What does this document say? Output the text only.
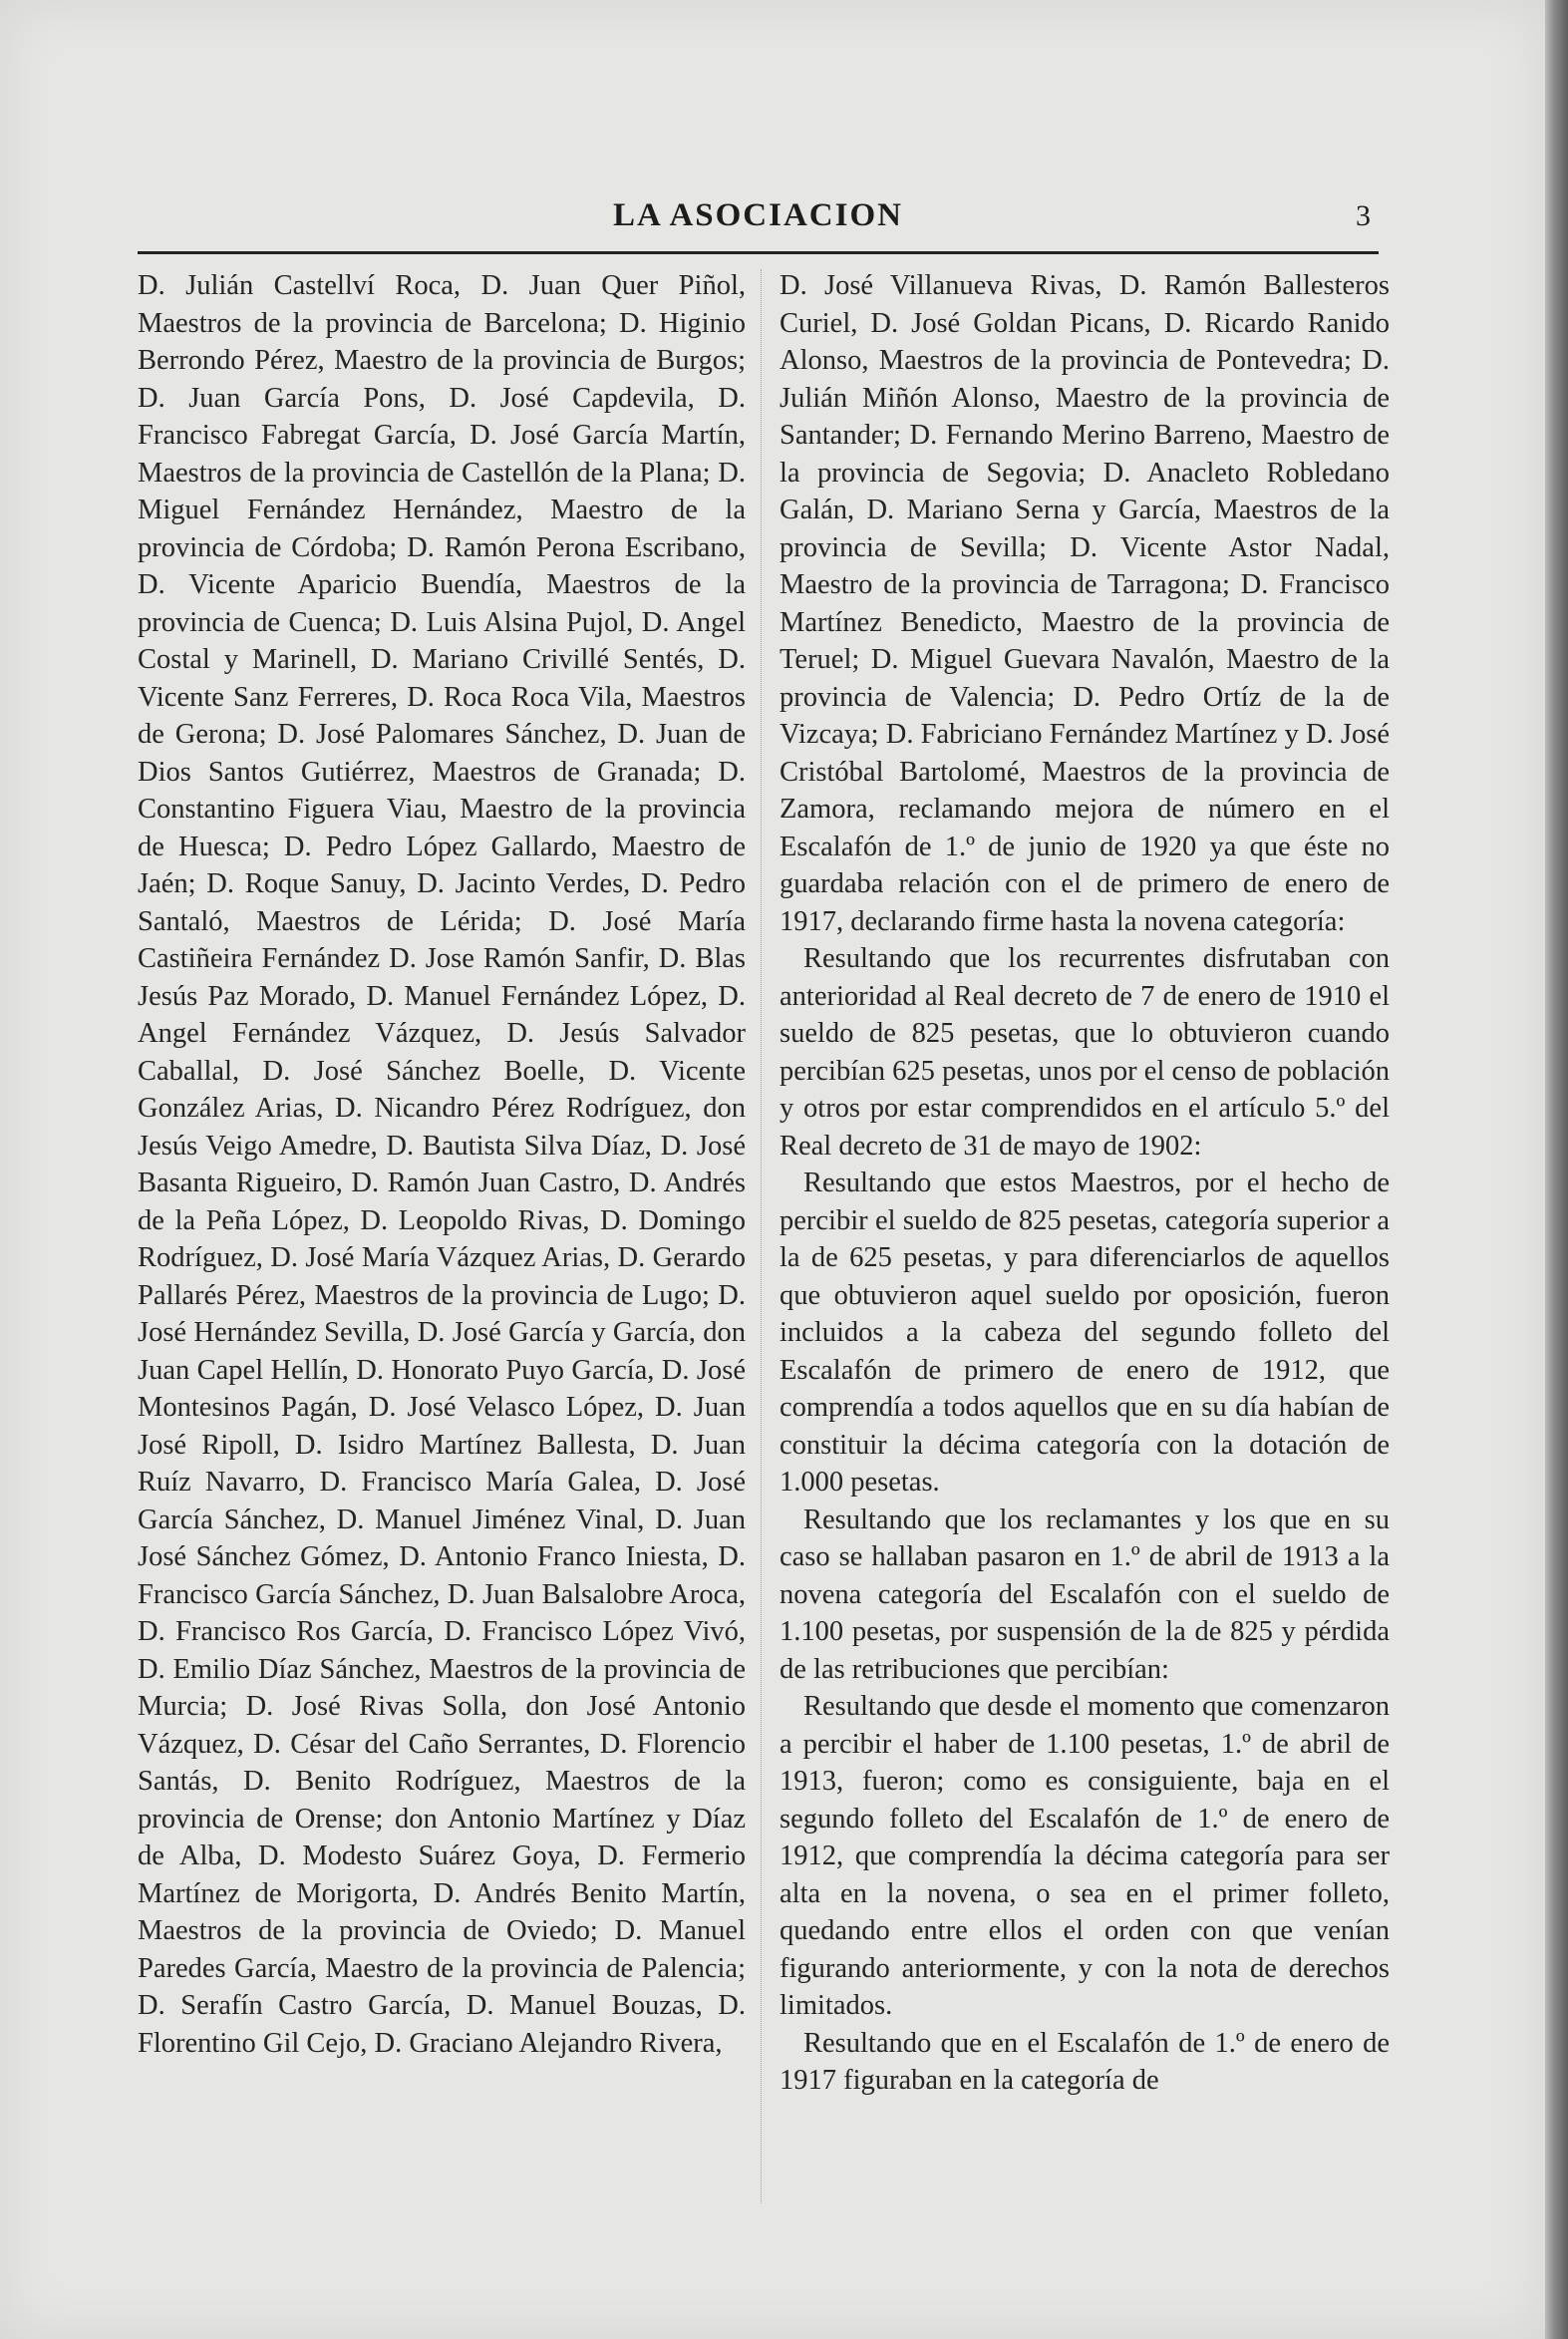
LA ASOCIACION	3

D. Julián Castellví Roca, D. Juan Quer Piñol, Maestros de la provincia de Barcelona; D. Higinio Berrondo Pérez, Maestro de la provincia de Burgos; D. Juan García Pons, D. José Capdevila, D. Francisco Fabregat García, D. José García Martín, Maestros de la provincia de Castellón de la Plana; D. Miguel Fernández Hernández, Maestro de la provincia de Córdoba; D. Ramón Perona Escribano, D. Vicente Aparicio Buendía, Maestros de la provincia de Cuenca; D. Luis Alsina Pujol, D. Angel Costal y Marinell, D. Mariano Crivillé Sentés, D. Vicente Sanz Ferreres, D. Roca Roca Vila, Maestros de Gerona; D. José Palomares Sánchez, D. Juan de Dios Santos Gutiérrez, Maestros de Granada; D. Constantino Figuera Viau, Maestro de la provincia de Huesca; D. Pedro López Gallardo, Maestro de Jaén; D. Roque Sanuy, D. Jacinto Verdes, D. Pedro Santaló, Maestros de Lérida; D. José María Castiñeira Fernández D. Jose Ramón Sanfir, D. Blas Jesús Paz Morado, D. Manuel Fernández López, D. Angel Fernández Vázquez, D. Jesús Salvador Caballal, D. José Sánchez Boelle, D. Vicente González Arias, D. Nicandro Pérez Rodríguez, don Jesús Veigo Amedre, D. Bautista Silva Díaz, D. José Basanta Rigueiro, D. Ramón Juan Castro, D. Andrés de la Peña López, D. Leopoldo Rivas, D. Domingo Rodríguez, D. José María Vázquez Arias, D. Gerardo Pallarés Pérez, Maestros de la provincia de Lugo; D. José Hernández Sevilla, D. José García y García, don Juan Capel Hellín, D. Honorato Puyo García, D. José Montesinos Pagán, D. José Velasco López, D. Juan José Ripoll, D. Isidro Martínez Ballesta, D. Juan Ruíz Navarro, D. Francisco María Galea, D. José García Sánchez, D. Manuel Jiménez Vinal, D. Juan José Sánchez Gómez, D. Antonio Franco Iniesta, D. Francisco García Sánchez, D. Juan Balsalobre Aroca, D. Francisco Ros García, D. Francisco López Vivó, D. Emilio Díaz Sánchez, Maestros de la provincia de Murcia; D. José Rivas Solla, don José Antonio Vázquez, D. César del Caño Serrantes, D. Florencio Santás, D. Benito Rodríguez, Maestros de la provincia de Orense; don Antonio Martínez y Díaz de Alba, D. Modesto Suárez Goya, D. Fermerio Martínez de Morigorta, D. Andrés Benito Martín, Maestros de la provincia de Oviedo; D. Manuel Paredes García, Maestro de la provincia de Palencia; D. Serafín Castro García, D. Manuel Bouzas, D. Florentino Gil Cejo, D. Graciano Alejandro Rivera,

D. José Villanueva Rivas, D. Ramón Ballesteros Curiel, D. José Goldan Picans, D. Ricardo Ranido Alonso, Maestros de la provincia de Pontevedra; D. Julián Miñón Alonso, Maestro de la provincia de Santander; D. Fernando Merino Barreno, Maestro de la provincia de Segovia; D. Anacleto Robledano Galán, D. Mariano Serna y García, Maestros de la provincia de Sevilla; D. Vicente Astor Nadal, Maestro de la provincia de Tarragona; D. Francisco Martínez Benedicto, Maestro de la provincia de Teruel; D. Miguel Guevara Navalón, Maestro de la provincia de Valencia; D. Pedro Ortíz de la de Vizcaya; D. Fabriciano Fernández Martínez y D. José Cristóbal Bartolomé, Maestros de la provincia de Zamora, reclamando mejora de número en el Escalafón de 1.º de junio de 1920 ya que éste no guardaba relación con el de primero de enero de 1917, declarando firme hasta la novena categoría:

Resultando que los recurrentes disfrutaban con anterioridad al Real decreto de 7 de enero de 1910 el sueldo de 825 pesetas, que lo obtuvieron cuando percibían 625 pesetas, unos por el censo de población y otros por estar comprendidos en el artículo 5.º del Real decreto de 31 de mayo de 1902:

Resultando que estos Maestros, por el hecho de percibir el sueldo de 825 pesetas, categoría superior a la de 625 pesetas, y para diferenciarlos de aquellos que obtuvieron aquel sueldo por oposición, fueron incluidos a la cabeza del segundo folleto del Escalafón de primero de enero de 1912, que comprendía a todos aquellos que en su día habían de constituir la décima categoría con la dotación de 1.000 pesetas.

Resultando que los reclamantes y los que en su caso se hallaban pasaron en 1.º de abril de 1913 a la novena categoría del Escalafón con el sueldo de 1.100 pesetas, por suspensión de la de 825 y pérdida de las retribuciones que percibían:

Resultando que desde el momento que comenzaron a percibir el haber de 1.100 pesetas, 1.º de abril de 1913, fueron; como es consiguiente, baja en el segundo folleto del Escalafón de 1.º de enero de 1912, que comprendía la décima categoría para ser alta en la novena, o sea en el primer folleto, quedando entre ellos el orden con que venían figurando anteriormente, y con la nota de derechos limitados.

Resultando que en el Escalafón de 1.º de enero de 1917 figuraban en la categoría de
